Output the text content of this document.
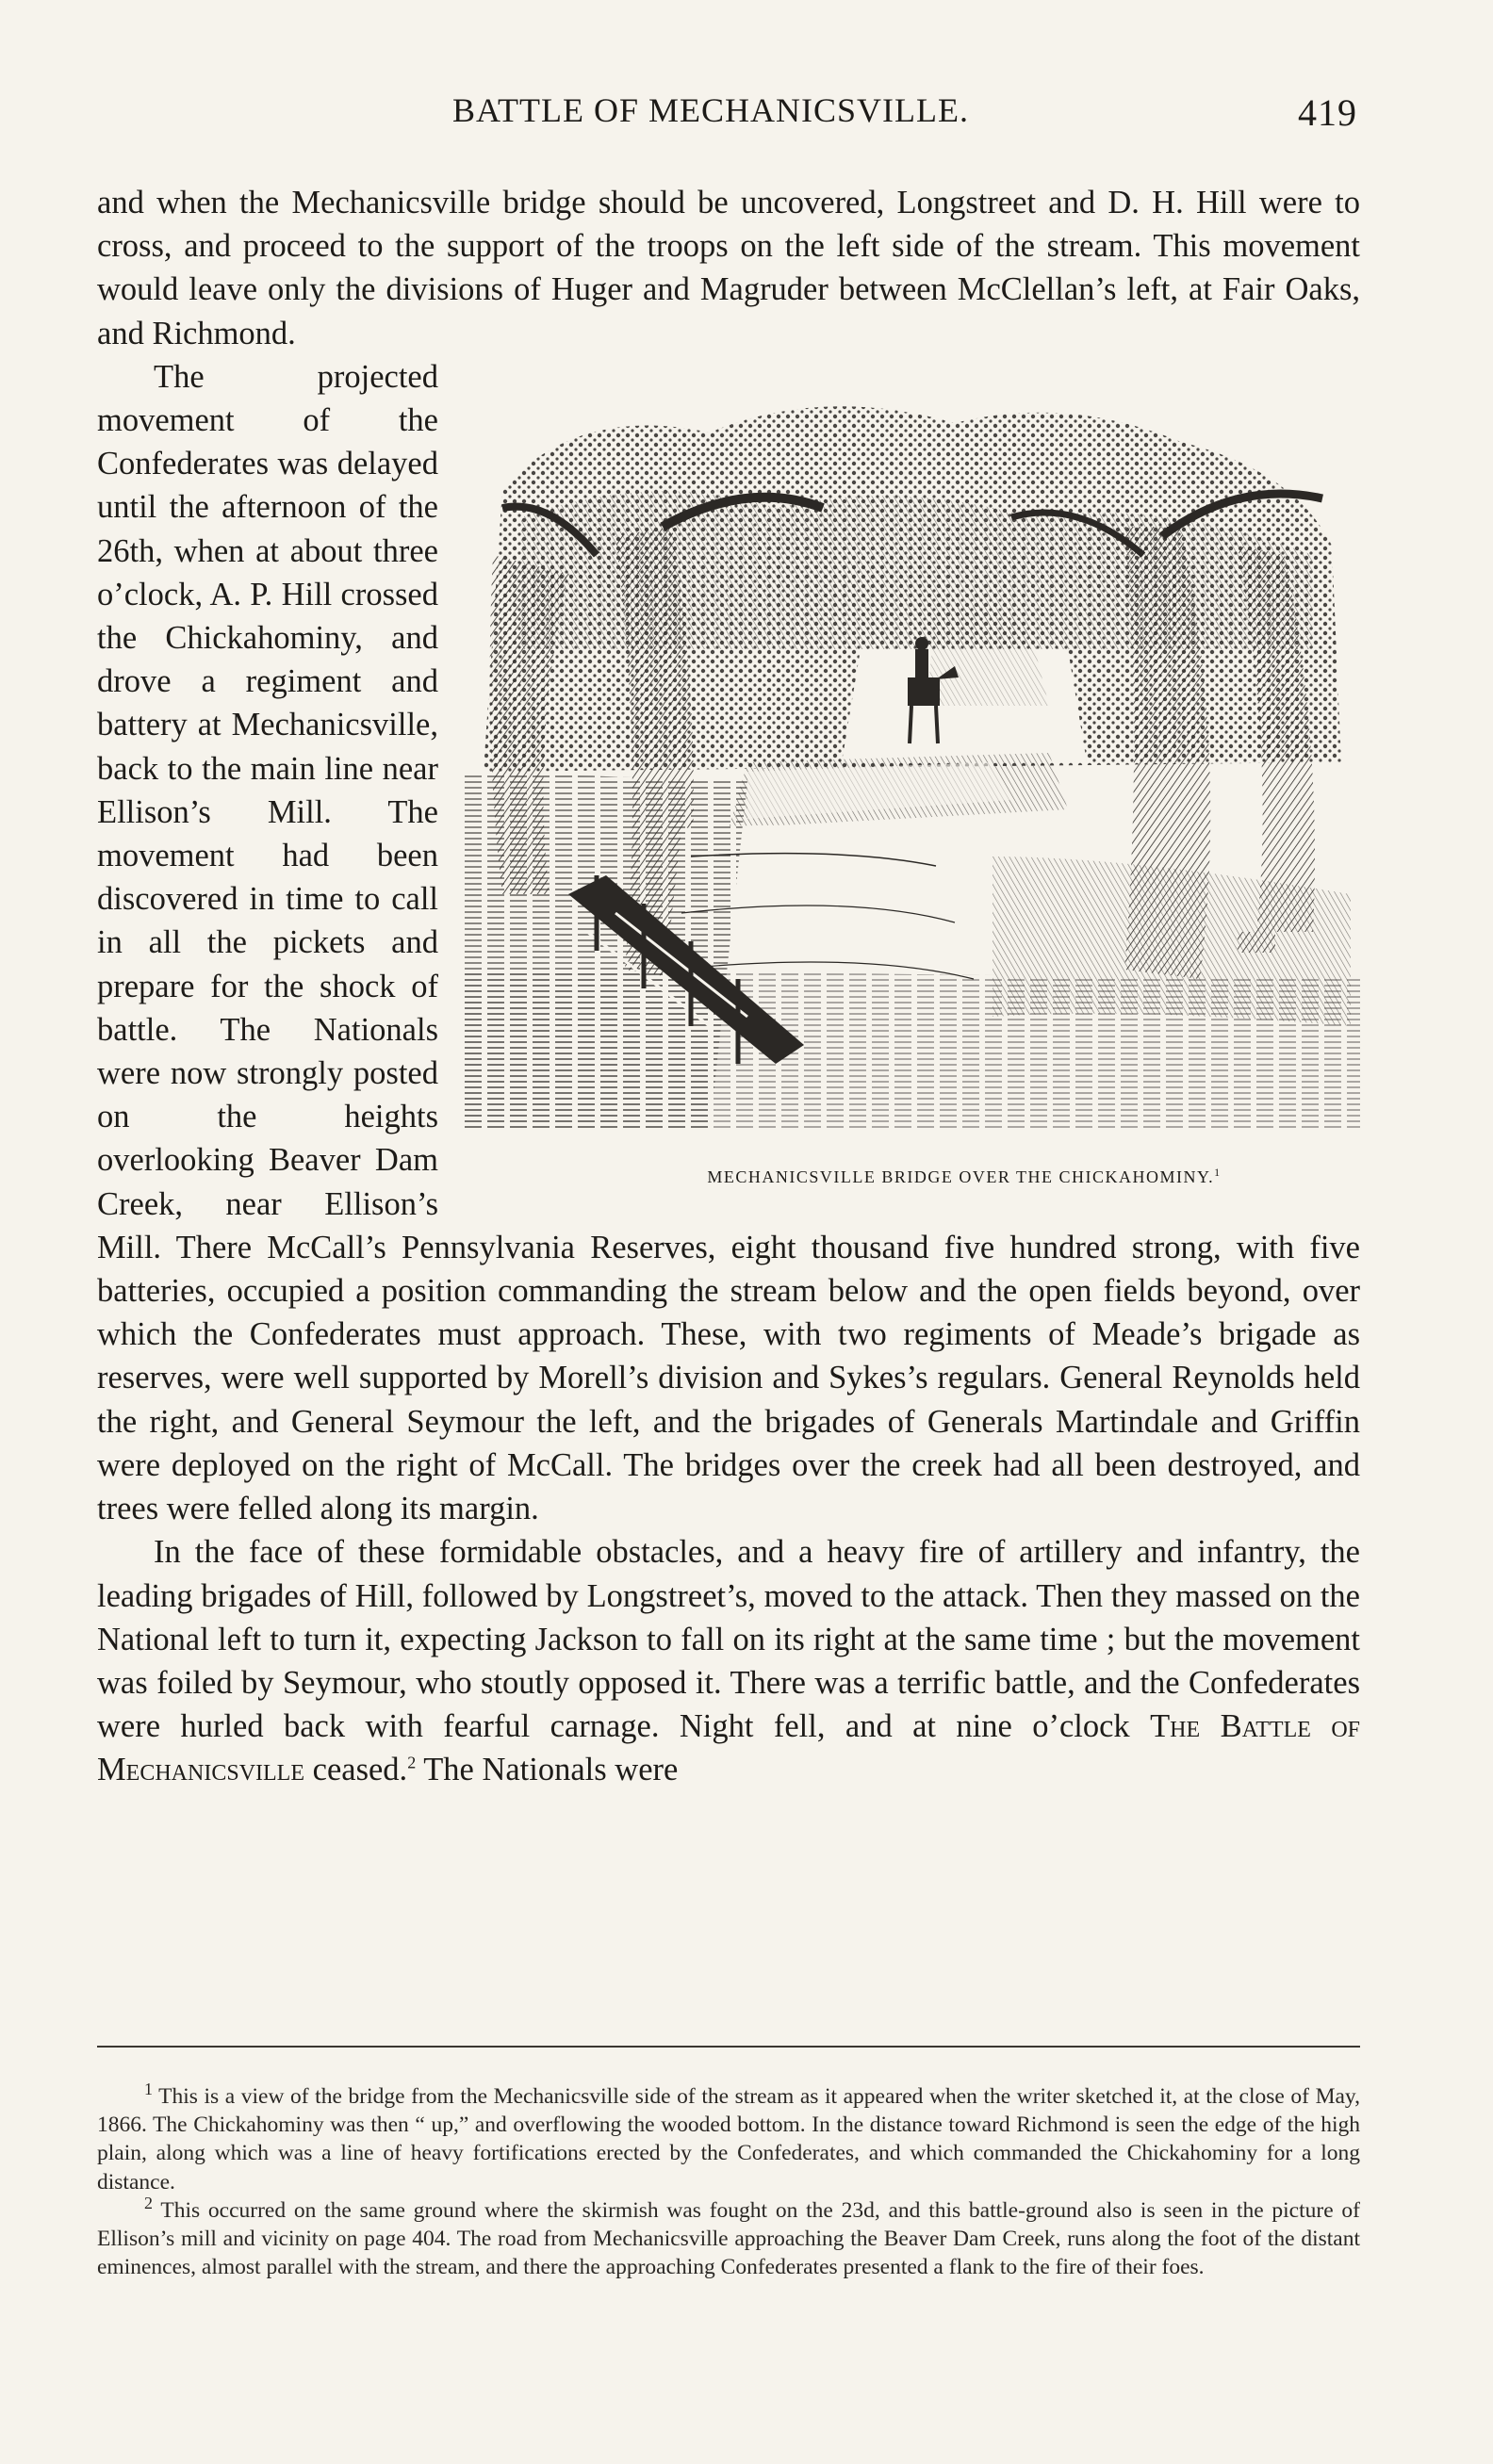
BATTLE OF MECHANICSVILLE.	419

and when the Mechanicsville bridge should be uncovered, Longstreet and D. H. Hill were to cross, and proceed to the support of the troops on the left side of the stream. This movement would leave only the divisions of Huger and Magruder between McClellan’s left, at Fair Oaks, and Richmond.

MECHANICSVILLE BRIDGE OVER THE CHICKAHOMINY.$^1$
The projected movement of the Confederates was delayed until the afternoon of the 26th, when at about three o’clock, A. P. Hill crossed the Chickahominy, and drove a regiment and battery at Mechanicsville, back to the main line near Ellison’s Mill. The movement had been discovered in time to call in all the pickets and prepare for the shock of battle. The Nationals were now strongly posted on the heights overlooking Beaver Dam Creek, near Ellison’s Mill. There McCall’s Pennsylvania Reserves, eight thousand five hundred strong, with five batteries, occupied a position commanding the stream below and the open fields beyond, over which the Confederates must approach. These, with two regiments of Meade’s brigade as reserves, were well supported by Morell’s division and Sykes’s regulars. General Reynolds held the right, and General Seymour the left, and the brigades of Generals Martindale and Griffin were deployed on the right of McCall. The bridges over the creek had all been destroyed, and trees were felled along its margin.

In the face of these formidable obstacles, and a heavy fire of artillery and infantry, the leading brigades of Hill, followed by Longstreet’s, moved to the attack. Then they massed on the National left to turn it, expecting Jackson to fall on its right at the same time ; but the movement was foiled by Seymour, who stoutly opposed it. There was a terrific battle, and the Confederates were hurled back with fearful carnage. Night fell, and at nine o’clock The Battle of Mechanicsville ceased.$^2$ The Nationals were

$^1$ This is a view of the bridge from the Mechanicsville side of the stream as it appeared when the writer sketched it, at the close of May, 1866. The Chickahominy was then “ up,” and overflowing the wooded bottom. In the distance toward Richmond is seen the edge of the high plain, along which was a line of heavy fortifications erected by the Confederates, and which commanded the Chickahominy for a long distance.

$^2$ This occurred on the same ground where the skirmish was fought on the 23d, and this battle-ground also is seen in the picture of Ellison’s mill and vicinity on page 404. The road from Mechanicsville approaching the Beaver Dam Creek, runs along the foot of the distant eminences, almost parallel with the stream, and there the approaching Confederates presented a flank to the fire of their foes.
